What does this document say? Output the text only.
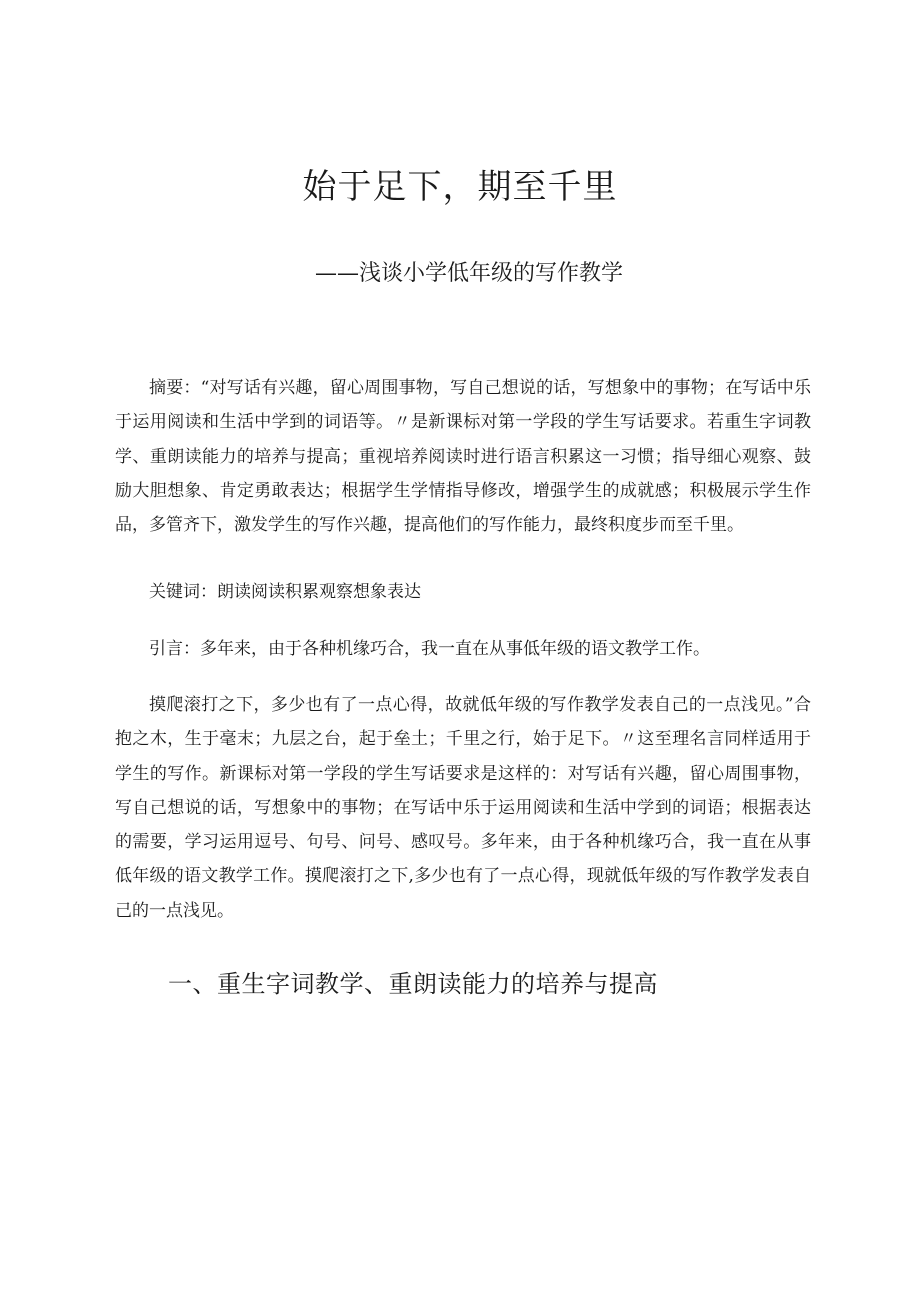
始于足下，期至千里
——浅谈小学低年级的写作教学

摘要：“对写话有兴趣，留心周围事物，写自己想说的话，写想象中的事物；在写话中乐于运用阅读和生活中学到的词语等。〃是新课标对第一学段的学生写话要求。若重生字词教学、重朗读能力的培养与提高；重视培养阅读时进行语言积累这一习惯；指导细心观察、鼓励大胆想象、肯定勇敢表达；根据学生学情指导修改，增强学生的成就感；积极展示学生作品，多管齐下，激发学生的写作兴趣，提高他们的写作能力，最终积度步而至千里。

关键词：朗读阅读积累观察想象表达

引言：多年来，由于各种机缘巧合，我一直在从事低年级的语文教学工作。

摸爬滚打之下，多少也有了一点心得，故就低年级的写作教学发表自己的一点浅见。”合抱之木，生于毫末；九层之台，起于垒土；千里之行，始于足下。〃这至理名言同样适用于学生的写作。新课标对第一学段的学生写话要求是这样的：对写话有兴趣，留心周围事物，写自己想说的话，写想象中的事物；在写话中乐于运用阅读和生活中学到的词语；根据表达的需要，学习运用逗号、句号、问号、感叹号。多年来，由于各种机缘巧合，我一直在从事低年级的语文教学工作。摸爬滚打之下,多少也有了一点心得，现就低年级的写作教学发表自己的一点浅见。

一、重生字词教学、重朗读能力的培养与提高
